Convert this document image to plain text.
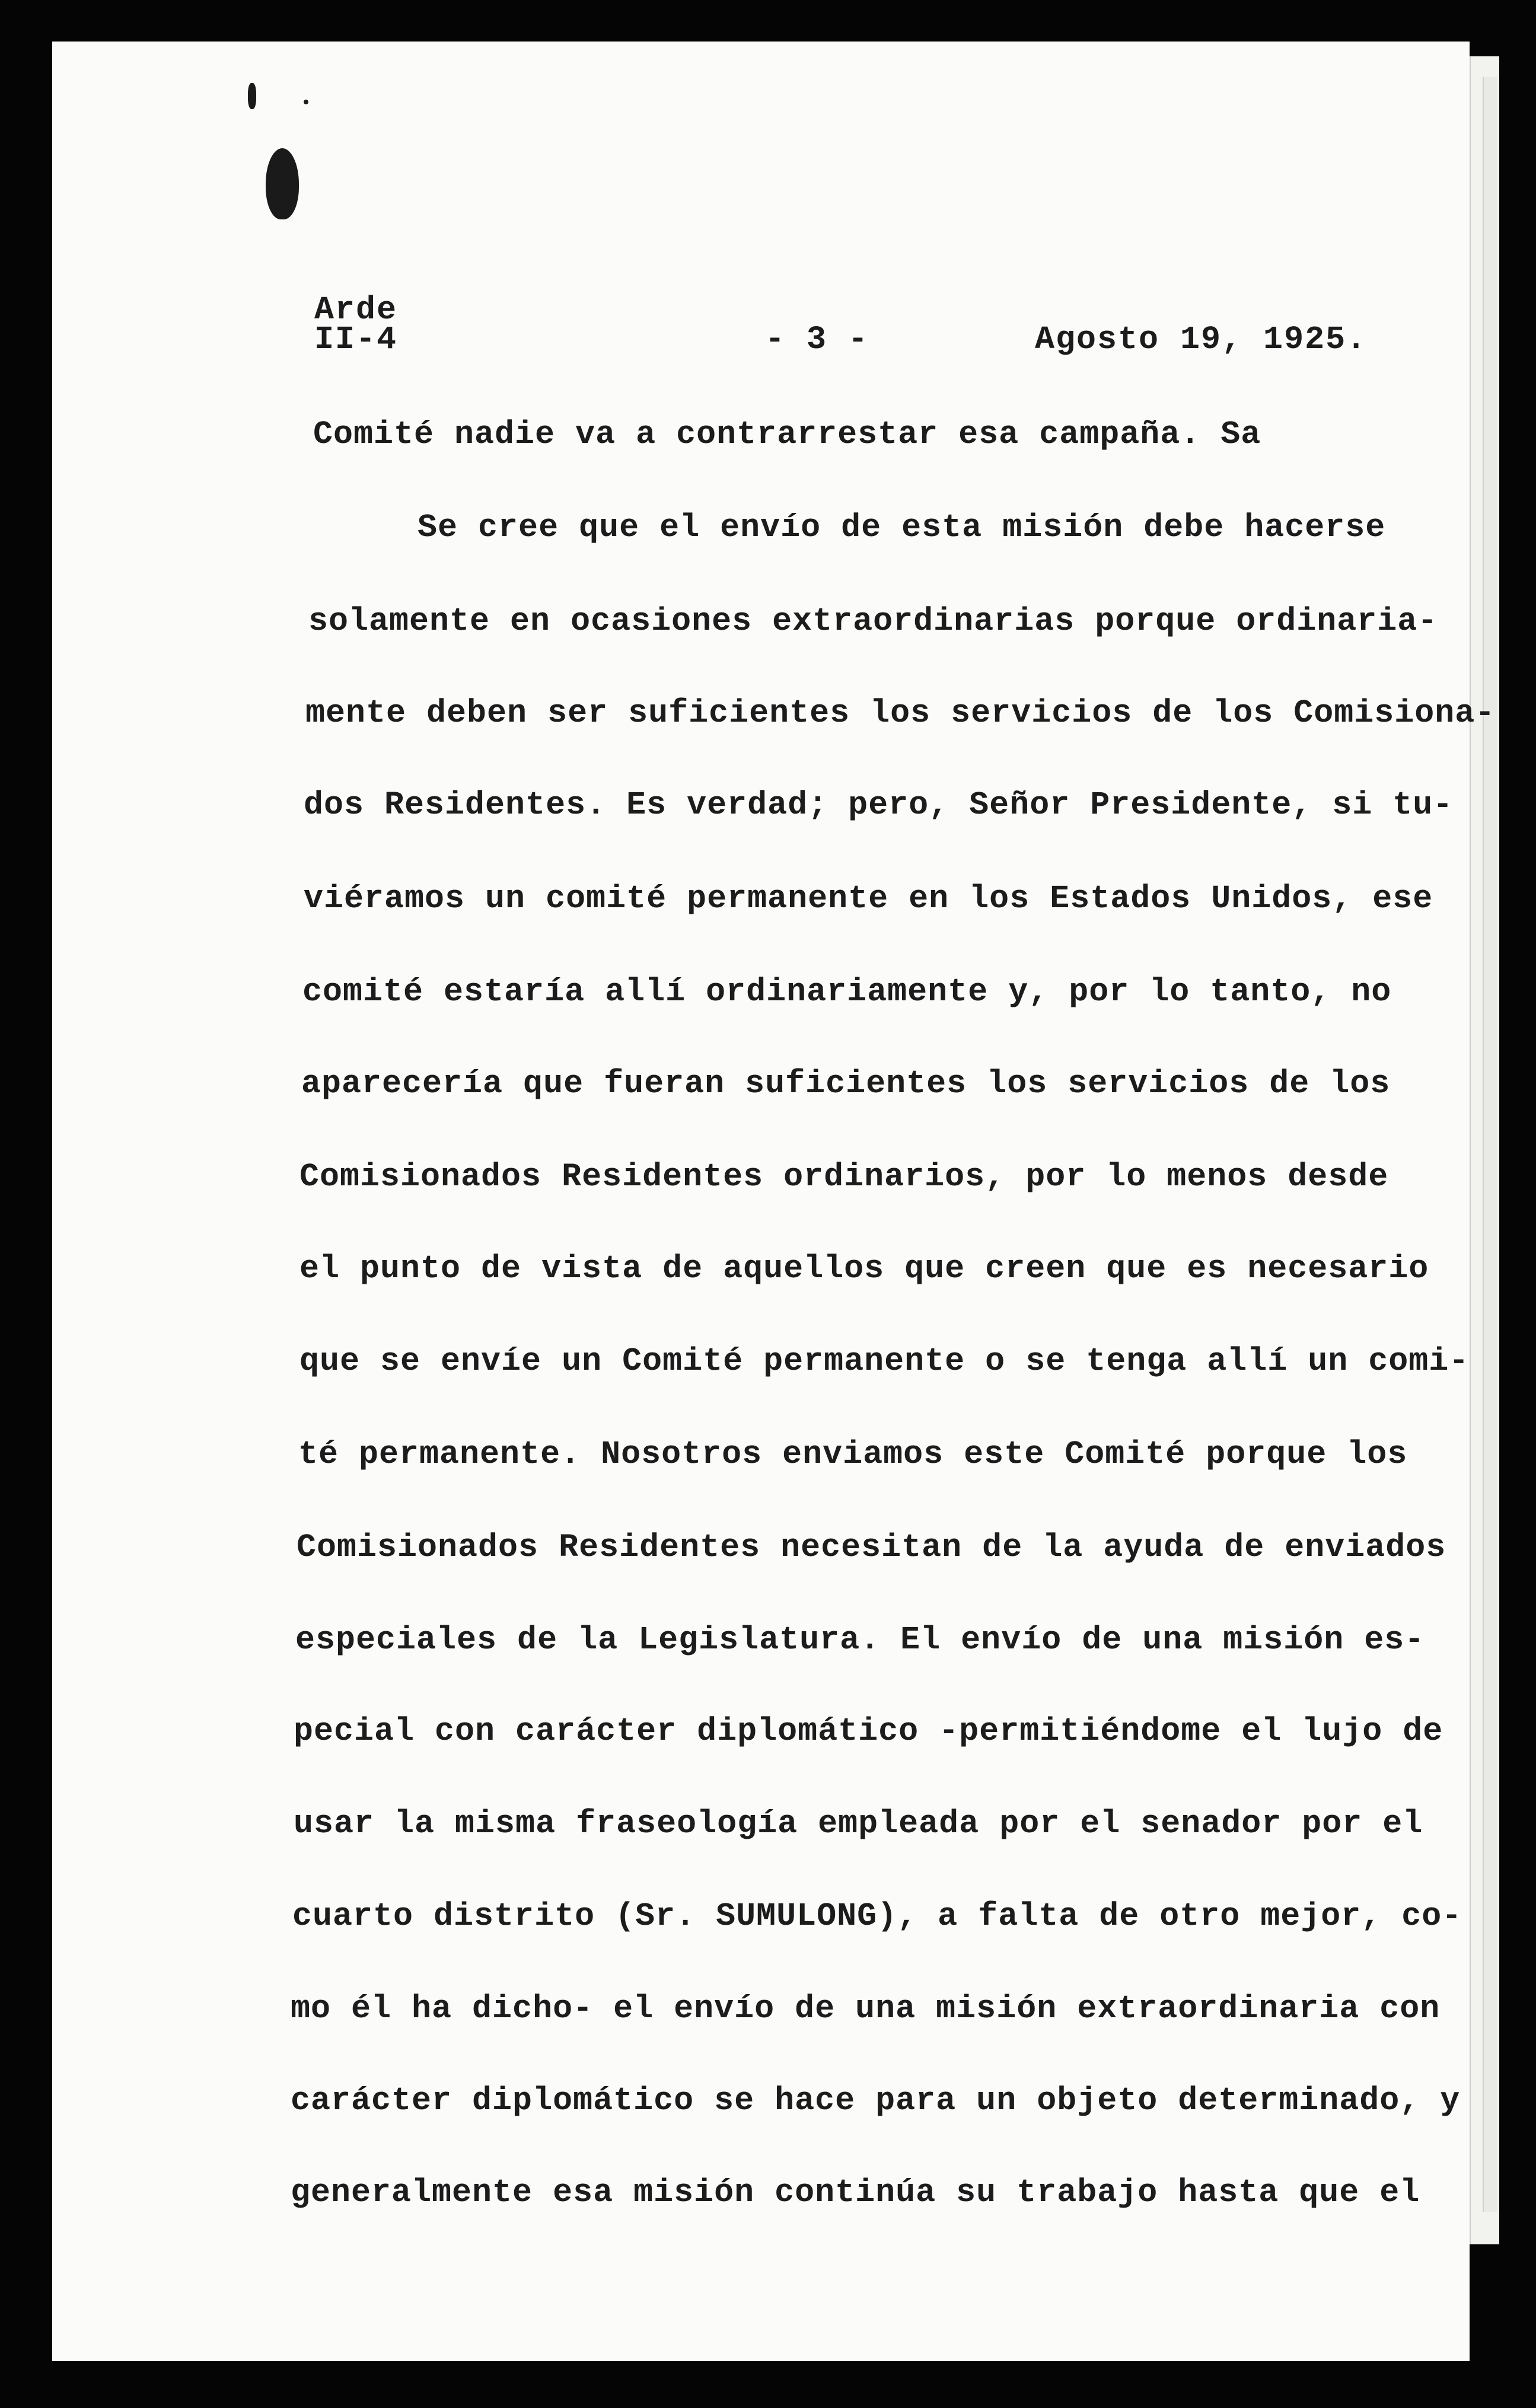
Arde
II-4	- 3 -	Agosto 19, 1925.
Comité nadie va a contrarrestar esa campaña. Sa
Se cree que el envío de esta misión debe hacerse
solamente en ocasiones extraordinarias porque ordinariа-
mente deben ser suficientes los servicios de los Comisiona-
dos Residentes. Es verdad; pero, Señor Presidente, si tu-
viéramos un comité permanente en los Estados Unidos, ese
comité estaría allí ordinariamente y, por lo tanto, no
aparecería que fueran suficientes los servicios de los
Comisionados Residentes ordinarios, por lo menos desde
el punto de vista de aquellos que creen que es necesario
que se envíe un Comité permanente o se tenga allí un comi-
té permanente. Nosotros enviamos este Comité porque los
Comisionados Residentes necesitan de la ayuda de enviados
especiales de la Legislatura. El envío de una misión es-
pecial con carácter diplomático -permitiéndome el lujo de
usar la misma fraseología empleada por el senador por el
cuarto distrito (Sr. SUMULONG), a falta de otro mejor, co-
mo él ha dicho- el envío de una misión extraordinaria con
carácter diplomático se hace para un objeto determinado, y
generalmente esa misión continúa su trabajo hasta que el
